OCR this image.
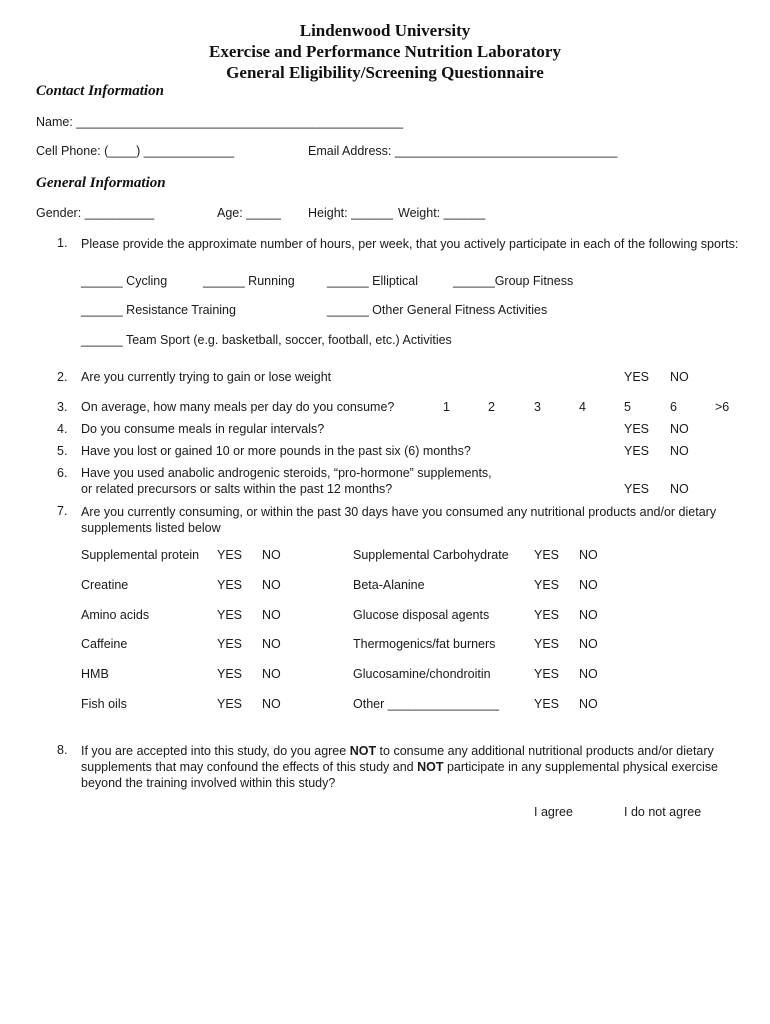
Lindenwood University
Exercise and Performance Nutrition Laboratory
General Eligibility/Screening Questionnaire
Contact Information
Name: _______________________________________________
Cell Phone: (____) _____________	Email Address: ________________________________
General Information
Gender: __________	Age: _____ Height: ______ Weight: ______
1. Please provide the approximate number of hours, per week, that you actively participate in each of the following sports:
______ Cycling	______ Running	______ Elliptical	______Group Fitness
______ Resistance Training	______ Other General Fitness Activities
______ Team Sport (e.g. basketball, soccer, football, etc.) Activities
2. Are you currently trying to gain or lose weight	YES NO
3. On average, how many meals per day do you consume?	1	2	3	4	5	6	>6
4. Do you consume meals in regular intervals?	YES NO
5. Have you lost or gained 10 or more pounds in the past six (6) months?	YES NO
6. Have you used anabolic androgenic steroids, “pro-hormone” supplements,
or related precursors or salts within the past 12 months?	YES NO
7. Are you currently consuming, or within the past 30 days have you consumed any nutritional products and/or dietary supplements listed below
Supplemental protein YES NO	Supplemental Carbohydrate YES NO
Creatine	YES NO	Beta-Alanine	YES NO
Amino acids	YES NO	Glucose disposal agents	YES NO
Caffeine	YES NO	Thermogenics/fat burners	YES NO
HMB	YES NO	Glucosamine/chondroitin	YES NO
Fish oils	YES NO	Other ________________	YES NO
8. If you are accepted into this study, do you agree NOT to consume any additional nutritional products and/or dietary supplements that may confound the effects of this study and NOT participate in any supplemental physical exercise beyond the training involved within this study?
I agree	I do not agree
